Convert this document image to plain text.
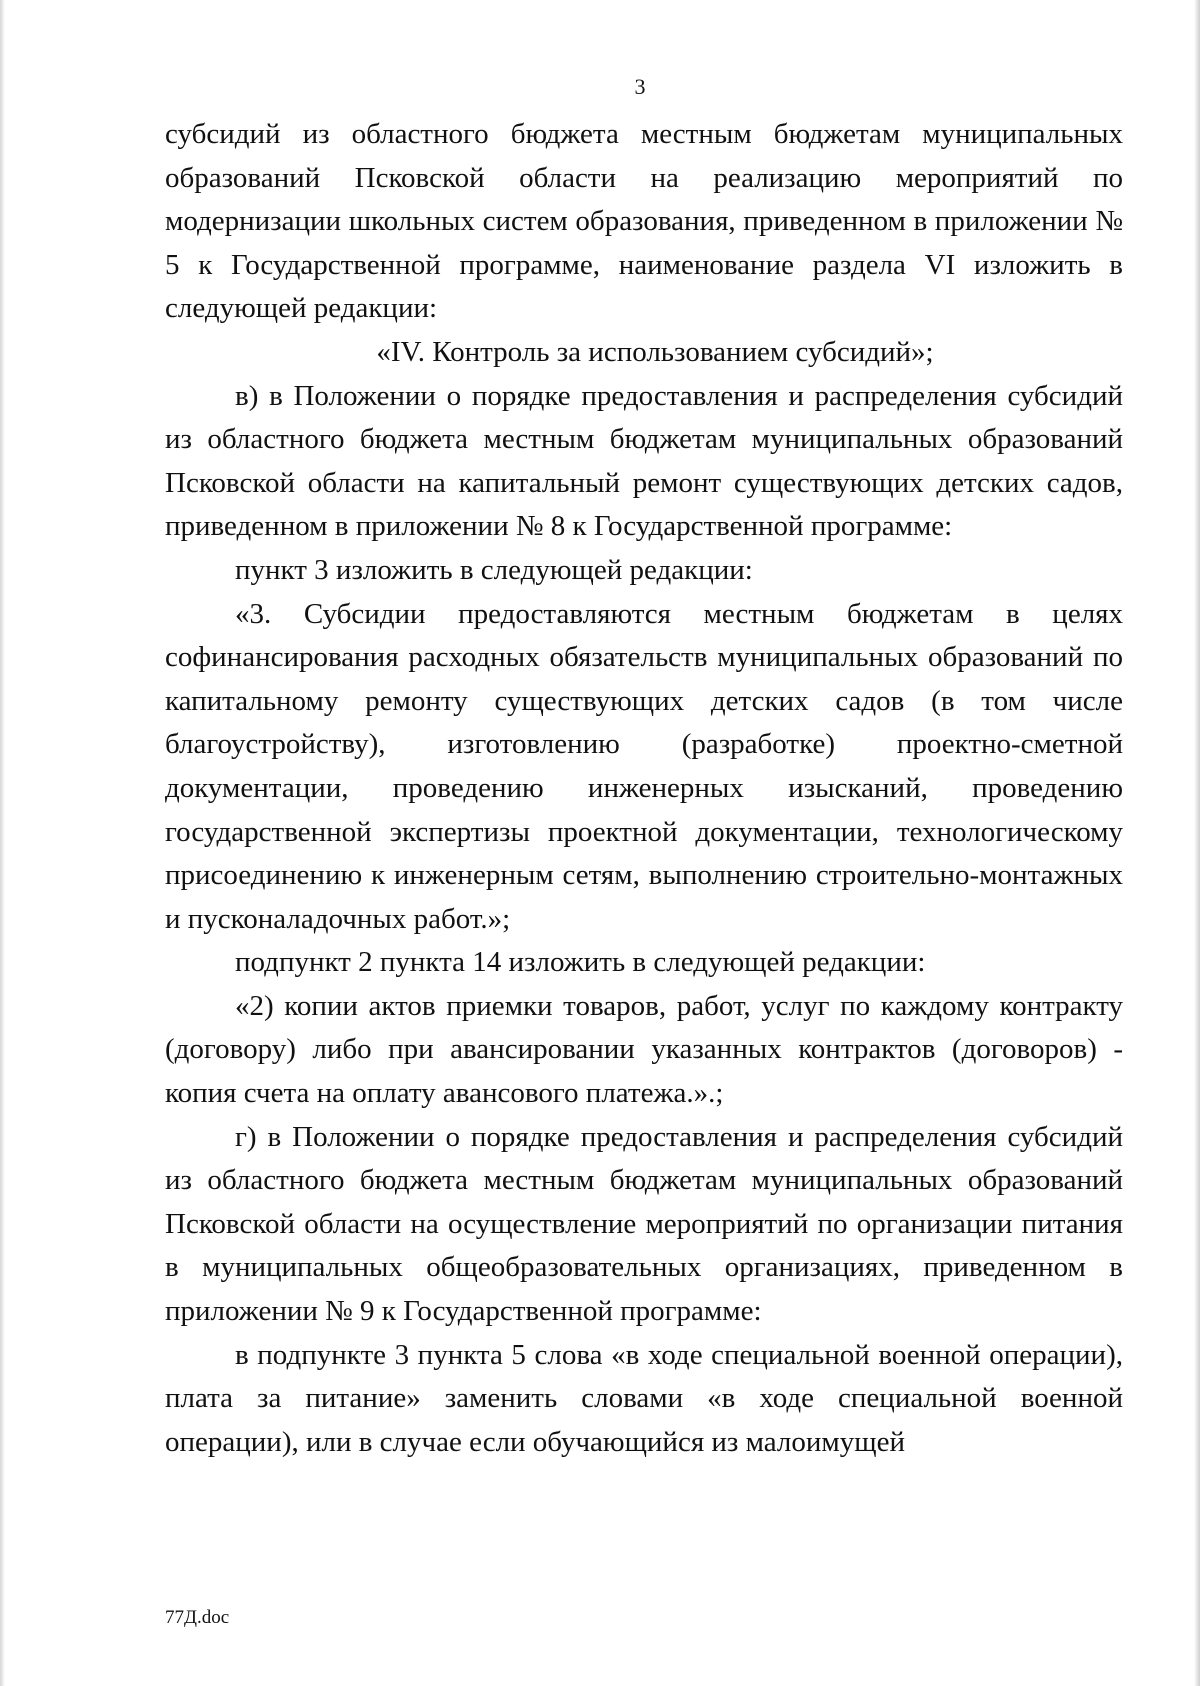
3

субсидий из областного бюджета местным бюджетам муниципальных образований Псковской области на реализацию мероприятий по модернизации школьных систем образования, приведенном в приложении № 5 к Государственной программе, наименование раздела VI изложить в следующей редакции:

«IV. Контроль за использованием субсидий»;

в) в Положении о порядке предоставления и распределения субсидий из областного бюджета местным бюджетам муниципальных образований Псковской области на капитальный ремонт существующих детских садов, приведенном в приложении № 8 к Государственной программе:

пункт 3 изложить в следующей редакции:

«3. Субсидии предоставляются местным бюджетам в целях софинансирования расходных обязательств муниципальных образований по капитальному ремонту существующих детских садов (в том числе благоустройству), изготовлению (разработке) проектно-сметной документации, проведению инженерных изысканий, проведению государственной экспертизы проектной документации, технологическому присоединению к инженерным сетям, выполнению строительно-монтажных и пусконаладочных работ.»;

подпункт 2 пункта 14 изложить в следующей редакции:

«2) копии актов приемки товаров, работ, услуг по каждому контракту (договору) либо при авансировании указанных контрактов (договоров) - копия счета на оплату авансового платежа.».;

г) в Положении о порядке предоставления и распределения субсидий из областного бюджета местным бюджетам муниципальных образований Псковской области на осуществление мероприятий по организации питания в муниципальных общеобразовательных организациях, приведенном в приложении № 9 к Государственной программе:

в подпункте 3 пункта 5 слова «в ходе специальной военной операции), плата за питание» заменить словами «в ходе специальной военной операции), или в случае если обучающийся из малоимущей

77Д.doc
